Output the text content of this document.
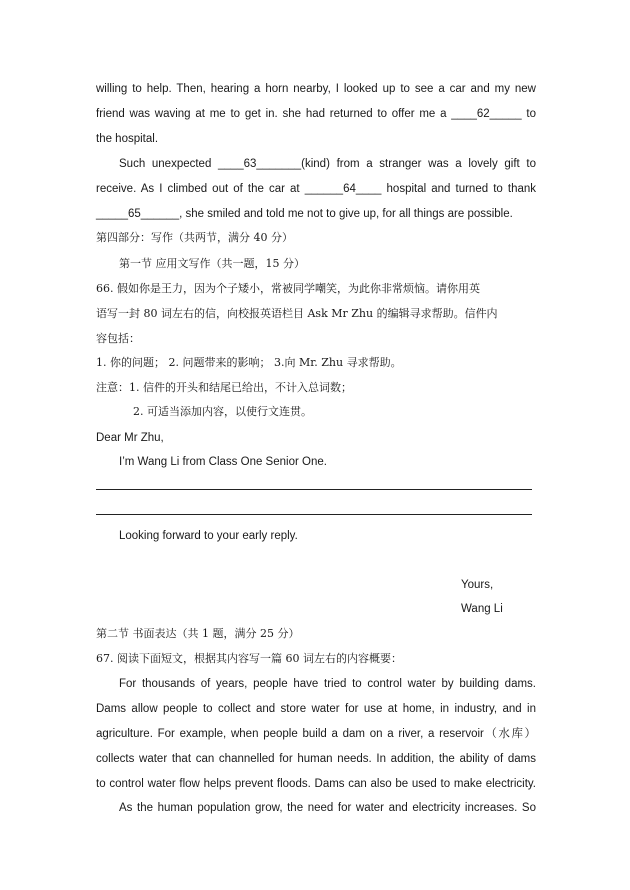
willing to help. Then, hearing a horn nearby, I looked up to see a car and my new
friend was waving at me to get in. she had returned to offer me a ____62_____ to
the hospital.
Such unexpected ____63_______(kind) from a stranger was a lovely gift to
receive. As I climbed out of the car at ______64____ hospital and turned to thank
_____65______, she smiled and told me not to give up, for all things are possible.
第四部分：写作（共两节，满分 40 分）
第一节 应用文写作（共一题，15 分）
66. 假如你是王力，因为个子矮小，常被同学嘲笑，为此你非常烦恼。请你用英
语写一封 80 词左右的信，向校报英语栏目 Ask Mr Zhu 的编辑寻求帮助。信件内
容包括：
1. 你的问题； 2. 问题带来的影响； 3.向 Mr. Zhu 寻求帮助。
注意：1. 信件的开头和结尾已给出，不计入总词数；
2. 可适当添加内容，以使行文连贯。
Dear Mr Zhu,
I’m Wang Li from Class One Senior One.
Looking forward to your early reply.
Yours,
Wang Li
第二节 书面表达（共 1 题，满分 25 分）
67. 阅读下面短文，根据其内容写一篇 60 词左右的内容概要：
For thousands of years, people have tried to control water by building dams.
Dams allow people to collect and store water for use at home, in industry, and in
agriculture. For example, when people build a dam on a river, a reservoir（水库）
collects water that can channelled for human needs. In addition, the ability of dams
to control water flow helps prevent floods. Dams can also be used to make electricity.
As the human population grow, the need for water and electricity increases. So
